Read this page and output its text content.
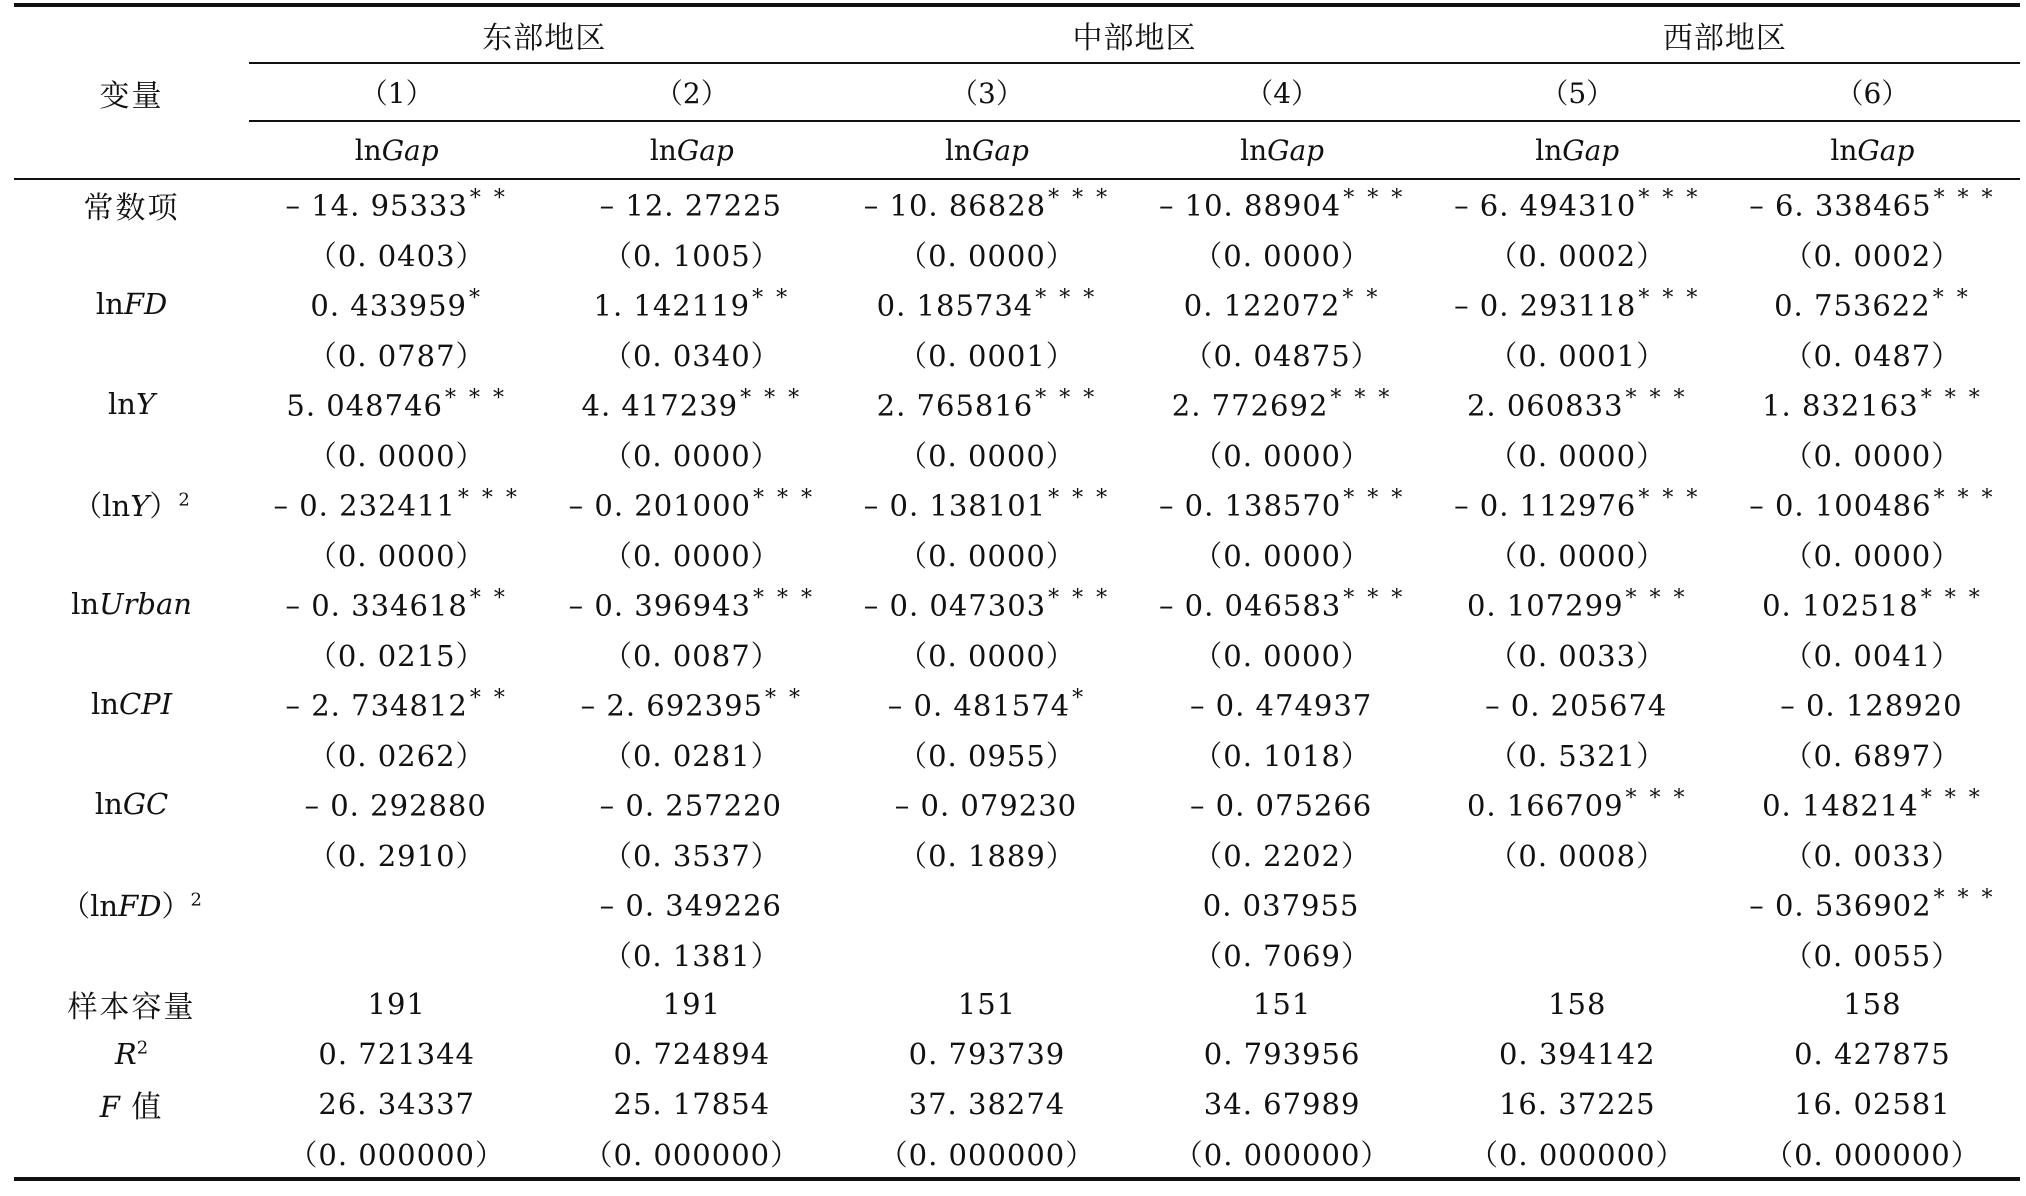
变量	东部地区		中部地区		西部地区	
	（1）	（2）	（3）	（4）	（5）	（6）
	lnGap	lnGap	lnGap	lnGap	lnGap	lnGap
常数项	– 14. 95333* *	– 12. 27225	– 10. 86828* * *	– 10. 88904* * *	– 6. 494310* * *	– 6. 338465* * *
	（0. 0403）	（0. 1005）	（0. 0000）	（0. 0000）	（0. 0002）	（0. 0002）
lnFD	0. 433959*	1. 142119* *	0. 185734* * *	0. 122072* *	– 0. 293118* * *	0. 753622* *
	（0. 0787）	（0. 0340）	（0. 0001）	（0. 04875）	（0. 0001）	（0. 0487）
lnY	5. 048746* * *	4. 417239* * *	2. 765816* * *	2. 772692* * *	2. 060833* * *	1. 832163* * *
	（0. 0000）	（0. 0000）	（0. 0000）	（0. 0000）	（0. 0000）	（0. 0000）
$(\ln Y)^2$	– 0. 232411* * *	– 0. 201000* * *	– 0. 138101* * *	– 0. 138570* * *	– 0. 112976* * *	– 0. 100486* * *
	（0. 0000）	（0. 0000）	（0. 0000）	（0. 0000）	（0. 0000）	（0. 0000）
lnUrban	– 0. 334618* *	– 0. 396943* * *	– 0. 047303* * *	– 0. 046583* * *	0. 107299* * *	0. 102518* * *
	（0. 0215）	（0. 0087）	（0. 0000）	（0. 0000）	（0. 0033）	（0. 0041）
lnCPI	– 2. 734812* *	– 2. 692395* *	– 0. 481574*	– 0. 474937	– 0. 205674	– 0. 128920
	（0. 0262）	（0. 0281）	（0. 0955）	（0. 1018）	（0. 5321）	（0. 6897）
lnGC	– 0. 292880	– 0. 257220	– 0. 079230	– 0. 075266	0. 166709* * *	0. 148214* * *
	（0. 2910）	（0. 3537）	（0. 1889）	（0. 2202）	（0. 0008）	（0. 0033）
（lnFD）$^2$		– 0. 349226		0. 037955		– 0. 536902* * *
		（0. 1381）		（0. 7069）		（0. 0055）
样本容量	191	191	151	151	158	158
$R^2$	0. 721344	0. 724894	0. 793739	0. 793956	0. 394142	0. 427875
F 值	26. 34337	25. 17854	37. 38274	34. 67989	16. 37225	16. 02581
	（0. 000000）	（0. 000000）	（0. 000000）	（0. 000000）	（0. 000000）	（0. 000000）
